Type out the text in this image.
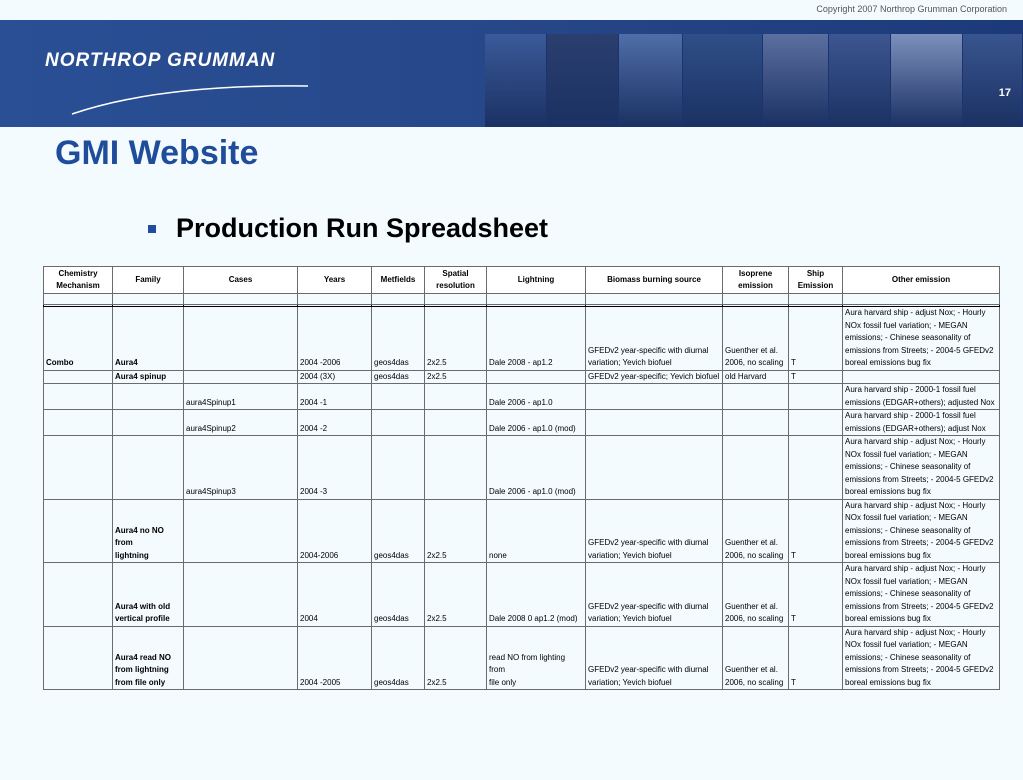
Copyright 2007 Northrop Grumman Corporation
NORTHROP GRUMMAN
17
GMI Website
Production Run Spreadsheet
Chemistry
Mechanism	Family	Cases	Years	Metfields	Spatial
resolution	Lightning	Biomass burning source	Isoprene
emission	Ship
Emission	Other emission

Combo	Aura4		2004 -2006	geos4das	2x2.5	Dale 2008 - ap1.2	GFEDv2 year-specific with diurnal
variation; Yevich biofuel	Guenther et al.
2006, no scaling	T	Aura harvard ship - adjust Nox; - Hourly
NOx fossil fuel variation; - MEGAN
emissions; - Chinese seasonality of
emissions from Streets; - 2004-5 GFEDv2
boreal emissions bug fix
	Aura4 spinup		2004 (3X)	geos4das	2x2.5		GFEDv2 year-specific; Yevich biofuel	old Harvard	T	
		aura4Spinup1	2004 -1			Dale 2006 - ap1.0				Aura harvard ship - 2000-1 fossil fuel
emissions (EDGAR+others); adjusted Nox
		aura4Spinup2	2004 -2			Dale 2006 - ap1.0 (mod)				Aura harvard ship - 2000-1 fossil fuel
emissions (EDGAR+others); adjust Nox
		aura4Spinup3	2004 -3			Dale 2006 - ap1.0 (mod)				Aura harvard ship - adjust Nox; - Hourly
NOx fossil fuel variation; - MEGAN
emissions; - Chinese seasonality of
emissions from Streets; - 2004-5 GFEDv2
boreal emissions bug fix
	Aura4 no NO from
lightning		2004-2006	geos4das	2x2.5	none	GFEDv2 year-specific with diurnal
variation; Yevich biofuel	Guenther et al.
2006, no scaling	T	Aura harvard ship - adjust Nox; - Hourly
NOx fossil fuel variation; - MEGAN
emissions; - Chinese seasonality of
emissions from Streets; - 2004-5 GFEDv2
boreal emissions bug fix
	Aura4 with old
vertical profile		2004	geos4das	2x2.5	Dale 2008 0 ap1.2 (mod)	GFEDv2 year-specific with diurnal
variation; Yevich biofuel	Guenther et al.
2006, no scaling	T	Aura harvard ship - adjust Nox; - Hourly
NOx fossil fuel variation; - MEGAN
emissions; - Chinese seasonality of
emissions from Streets; - 2004-5 GFEDv2
boreal emissions bug fix
	Aura4 read NO
from lightning
from file only		2004 -2005	geos4das	2x2.5	read NO from lighting from
file only	GFEDv2 year-specific with diurnal
variation; Yevich biofuel	Guenther et al.
2006, no scaling	T	Aura harvard ship - adjust Nox; - Hourly
NOx fossil fuel variation; - MEGAN
emissions; - Chinese seasonality of
emissions from Streets; - 2004-5 GFEDv2
boreal emissions bug fix
